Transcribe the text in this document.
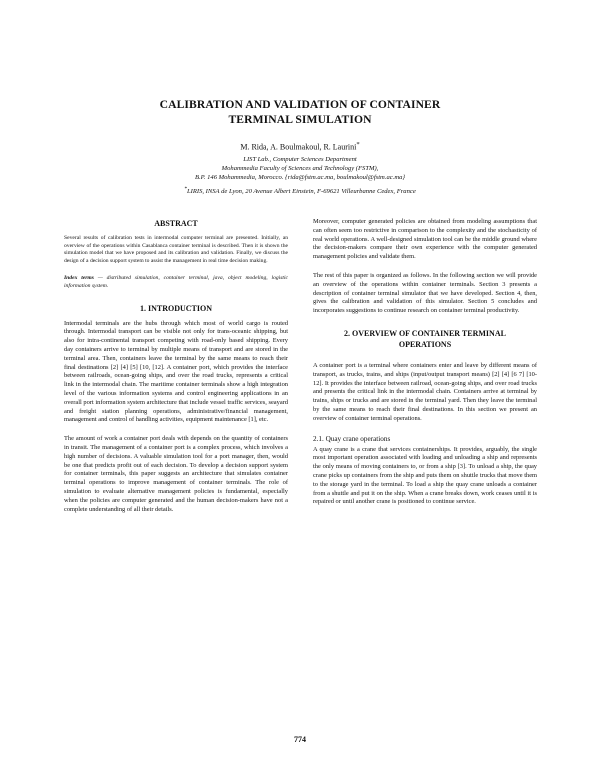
CALIBRATION AND VALIDATION OF CONTAINER
TERMINAL SIMULATION
M. Rida, A. Boulmakoul, R. Laurini*
LIST Lab., Computer Sciences Department
Mohammedia Faculty of Sciences and Technology (FSTM),
B.P. 146 Mohammedia, Morocco. {rida@fstm.ac.ma, boulmakoul@fstm.ac.ma}
*LIRIS, INSA de Lyon, 20 Avenue Albert Einstein, F-69621 Villeurbanne Cedex, France
ABSTRACT

Several results of calibration tests in intermodal computer terminal are presented. Initially, an overview of the operations within Casablanca container terminal is described. Then it is shown the simulation model that we have proposed and its calibration and validation. Finally, we discuss the design of a decision support system to assist the management in real time decision making.

Index terms — distributed simulation, container terminal, java, object modeling, logistic information system.
1. INTRODUCTION

Intermodal terminals are the hubs through which most of world cargo is routed through. Intermodal transport can be visible not only for trans-oceanic shipping, but also for intra-continental transport competing with road-only based shipping. Every day containers arrive to terminal by multiple means of transport and are stored in the terminal area. Then, containers leave the terminal by the same means to reach their final destinations [2] [4] [5] [10, [12]. A container port, which provides the interface between railroads, ocean-going ships, and over the road trucks, represents a critical link in the intermodal chain. The maritime container terminals show a high integration level of the various information systems and control engineering applications in an overall port information system architecture that include vessel traffic services, seayard and freight station planning operations, administrative/financial management, management and control of handling activities, equipment maintenance [1], etc.

The amount of work a container port deals with depends on the quantity of containers in transit. The management of a container port is a complex process, which involves a high number of decisions. A valuable simulation tool for a port manager, then, would be one that predicts profit out of each decision. To develop a decision support system for container terminals, this paper suggests an architecture that simulates container terminal operations to improve management of container terminals. The role of simulation to evaluate alternative management policies is fundamental, especially when the policies are computer generated and the human decision-makers have not a complete understanding of all their details.

Moreover, computer generated policies are obtained from modeling assumptions that can often seem too restrictive in comparison to the complexity and the stochasticity of real world operations. A well-designed simulation tool can be the middle ground where the decision-makers compare their own experience with the computer generated management policies and validate them.

The rest of this paper is organized as follows. In the following section we will provide an overview of the operations within container terminals. Section 3 presents a description of container terminal simulator that we have developed. Section 4, then, gives the calibration and validation of this simulator. Section 5 concludes and incorporates suggestions to continue research on container terminal productivity.

2. OVERVIEW OF CONTAINER TERMINAL
OPERATIONS

A container port is a terminal where containers enter and leave by different means of transport, as trucks, trains, and ships (input/output transport means) [2] [4] [6 7] [10-12]. It provides the interface between railroad, ocean-going ships, and over road trucks and presents the critical link in the intermodal chain. Containers arrive at terminal by trains, ships or trucks and are stored in the terminal yard. Then they leave the terminal by the same means to reach their final destinations. In this section we present an overview of container terminal operations.

2.1. Quay crane operations

A quay crane is a crane that services containerships. It provides, arguably, the single most important operation associated with loading and unloading a ship and represents the only means of moving containers to, or from a ship [3]. To unload a ship, the quay crane picks up containers from the ship and puts them on shuttle trucks that move them to the storage yard in the terminal. To load a ship the quay crane unloads a container from a shuttle and put it on the ship. When a crane breaks down, work ceases until it is repaired or until another crane is positioned to continue service.

774
